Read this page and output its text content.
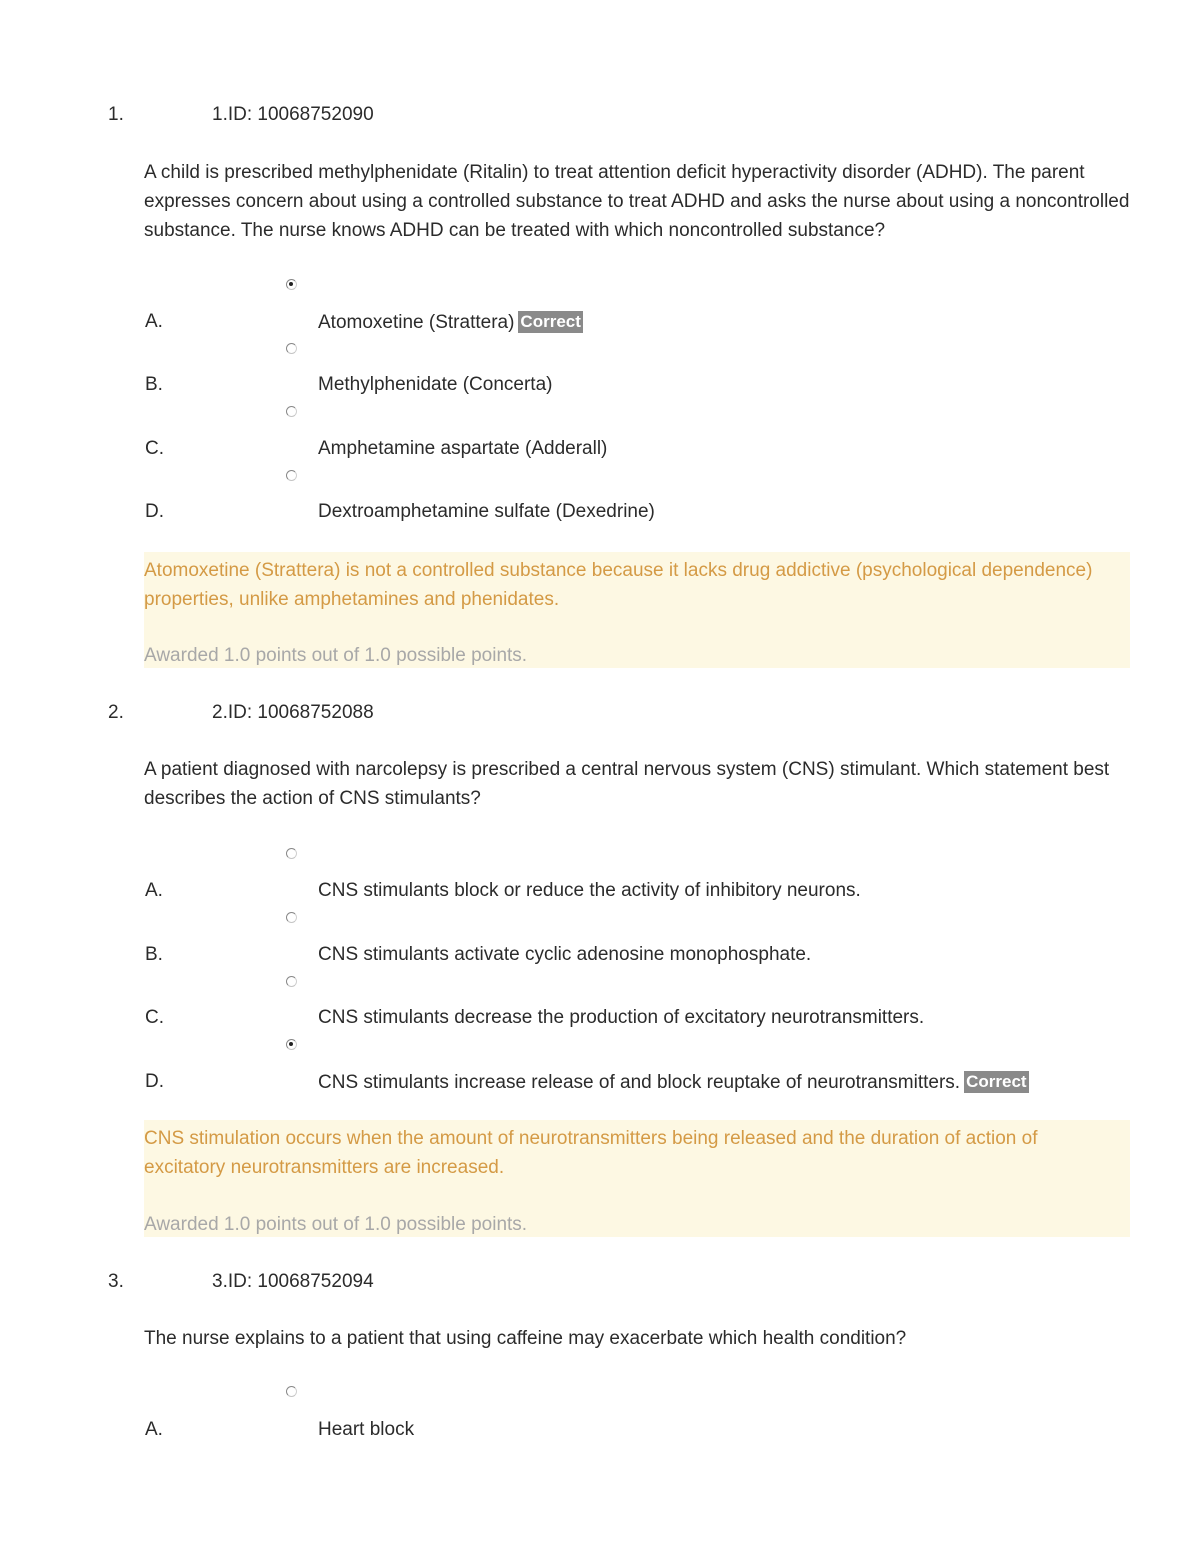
1.	1.ID: 10068752090
A child is prescribed methylphenidate (Ritalin) to treat attention deficit hyperactivity disorder (ADHD). The parent expresses concern about using a controlled substance to treat ADHD and asks the nurse about using a noncontrolled substance. The nurse knows ADHD can be treated with which noncontrolled substance?
A.	Atomoxetine (Strattera) Correct
B.	Methylphenidate (Concerta)
C.	Amphetamine aspartate (Adderall)
D.	Dextroamphetamine sulfate (Dexedrine)
Atomoxetine (Strattera) is not a controlled substance because it lacks drug addictive (psychological dependence) properties, unlike amphetamines and phenidates.
Awarded 1.0 points out of 1.0 possible points.
2.	2.ID: 10068752088
A patient diagnosed with narcolepsy is prescribed a central nervous system (CNS) stimulant. Which statement best describes the action of CNS stimulants?
A.	CNS stimulants block or reduce the activity of inhibitory neurons.
B.	CNS stimulants activate cyclic adenosine monophosphate.
C.	CNS stimulants decrease the production of excitatory neurotransmitters.
D.	CNS stimulants increase release of and block reuptake of neurotransmitters. Correct
CNS stimulation occurs when the amount of neurotransmitters being released and the duration of action of excitatory neurotransmitters are increased.
Awarded 1.0 points out of 1.0 possible points.
3.	3.ID: 10068752094
The nurse explains to a patient that using caffeine may exacerbate which health condition?
A.	Heart block
